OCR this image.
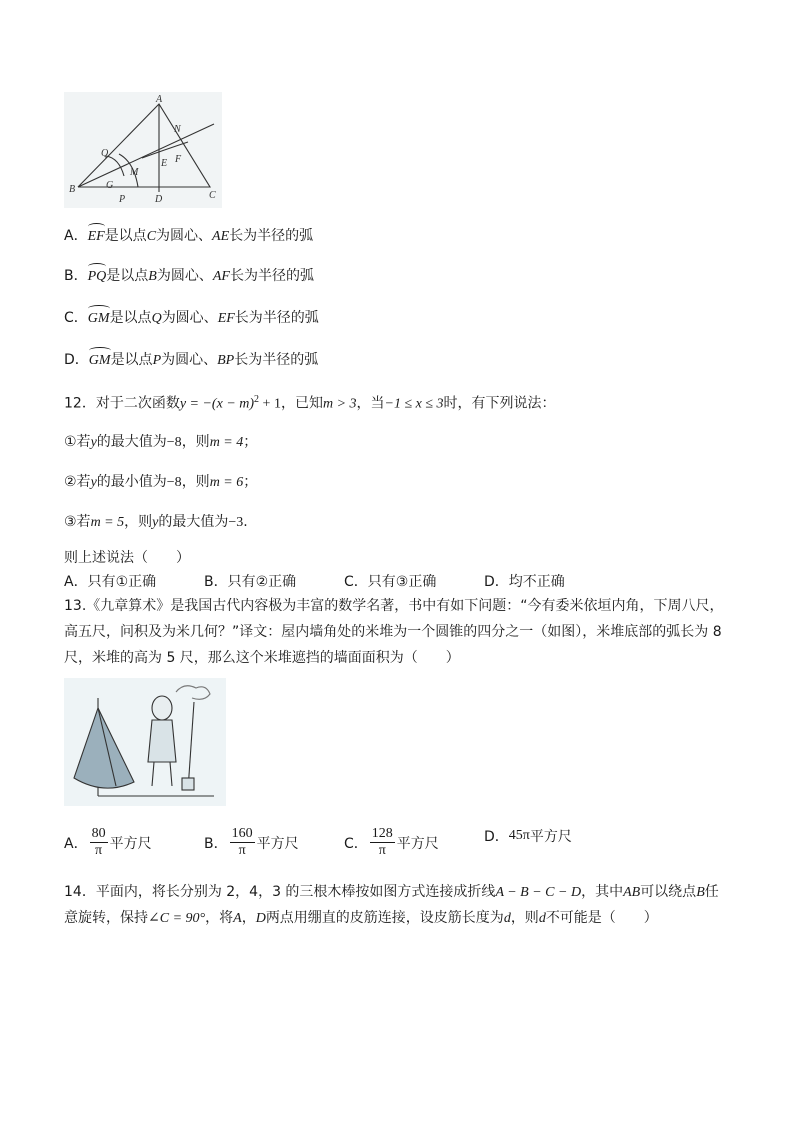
A
B
C
D
E F
G
M
N
P
Q
A．EF是以点C为圆心、AE长为半径的弧
B．PQ是以点B为圆心、AF长为半径的弧
C．GM是以点Q为圆心、EF长为半径的弧
D．GM是以点P为圆心、BP长为半径的弧
12．对于二次函数$y = -(x - m)^2 + 1$，已知m > 3，当−1 ≤ x ≤ 3时，有下列说法：
①若y的最大值为−8，则m = 4；
②若y的最小值为−8，则m = 6；
③若m = 5，则y的最大值为−3.
则上述说法（　　）
A．只有①正确	B．只有②正确	C．只有③正确	D．均不正确
13.《九章算术》是我国古代内容极为丰富的数学名著，书中有如下问题：“今有委米依垣内角，下周八尺，
高五尺，问积及为米几何？”译文：屋内墙角处的米堆为一个圆锥的四分之一（如图），米堆底部的弧长为 8
尺，米堆的高为 5 尺，那么这个米堆遮挡的墙面面积为（　　）
A． $\frac{80}{\pi}$ 平方尺	B． $\frac{160}{\pi}$ 平方尺	C． $\frac{128}{\pi}$ 平方尺	D． 45π 平方尺
14．平面内，将长分别为 2，4，3 的三根木棒按如图方式连接成折线A − B − C − D，其中AB可以绕点B任
意旋转，保持∠C = 90°，将A，D两点用绷直的皮筋连接，设皮筋长度为d，则d不可能是（　　）
